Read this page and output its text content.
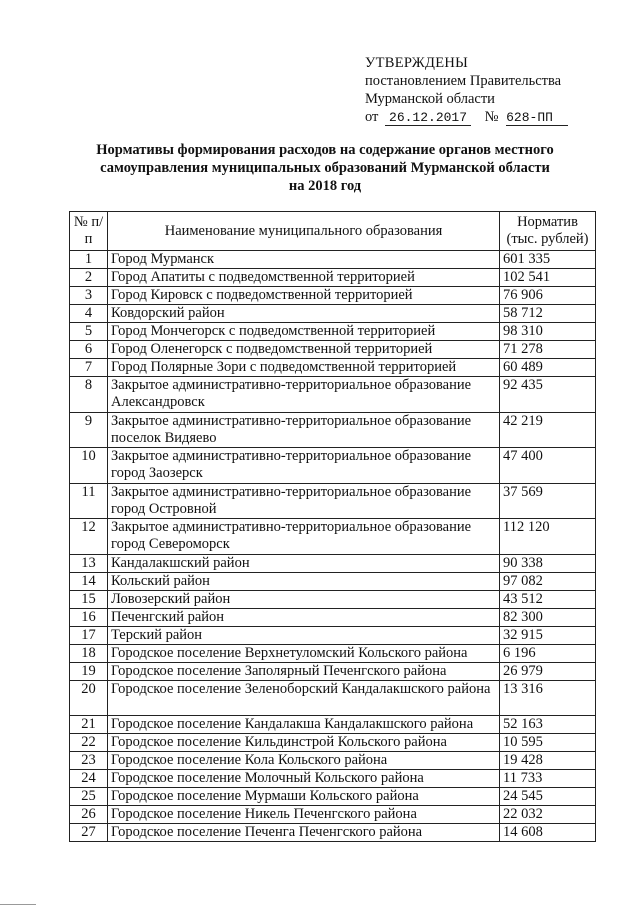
УТВЕРЖДЕНЫ
постановлением Правительства
Мурманской области
от 26.12.2017 № 628-ПП
Нормативы формирования расходов на содержание органов местного
самоуправления муниципальных образований Мурманской области
на 2018 год
№ п/п	Наименование муниципального образования	Норматив (тыс. рублей)
1	Город Мурманск	601 335
2	Город Апатиты с подведомственной территорией	102 541
3	Город Кировск с подведомственной территорией	76 906
4	Ковдорский район	58 712
5	Город Мончегорск с подведомственной территорией	98 310
6	Город Оленегорск с подведомственной территорией	71 278
7	Город Полярные Зори с подведомственной территорией	60 489
8	Закрытое административно-территориальное образование Александровск	92 435
9	Закрытое административно-территориальное образование поселок Видяево	42 219
10	Закрытое административно-территориальное образование город Заозерск	47 400
11	Закрытое административно-территориальное образование город Островной	37 569
12	Закрытое административно-территориальное образование город Североморск	112 120
13	Кандалакшский район	90 338
14	Кольский район	97 082
15	Ловозерский район	43 512
16	Печенгский район	82 300
17	Терский район	32 915
18	Городское поселение Верхнетуломский Кольского района	6 196
19	Городское поселение Заполярный Печенгского района	26 979
20	Городское поселение Зеленоборский Кандалакшского района	13 316
21	Городское поселение Кандалакша Кандалакшского района	52 163
22	Городское поселение Кильдинстрой Кольского района	10 595
23	Городское поселение Кола Кольского района	19 428
24	Городское поселение Молочный Кольского района	11 733
25	Городское поселение Мурмаши Кольского района	24 545
26	Городское поселение Никель Печенгского района	22 032
27	Городское поселение Печенга Печенгского района	14 608
